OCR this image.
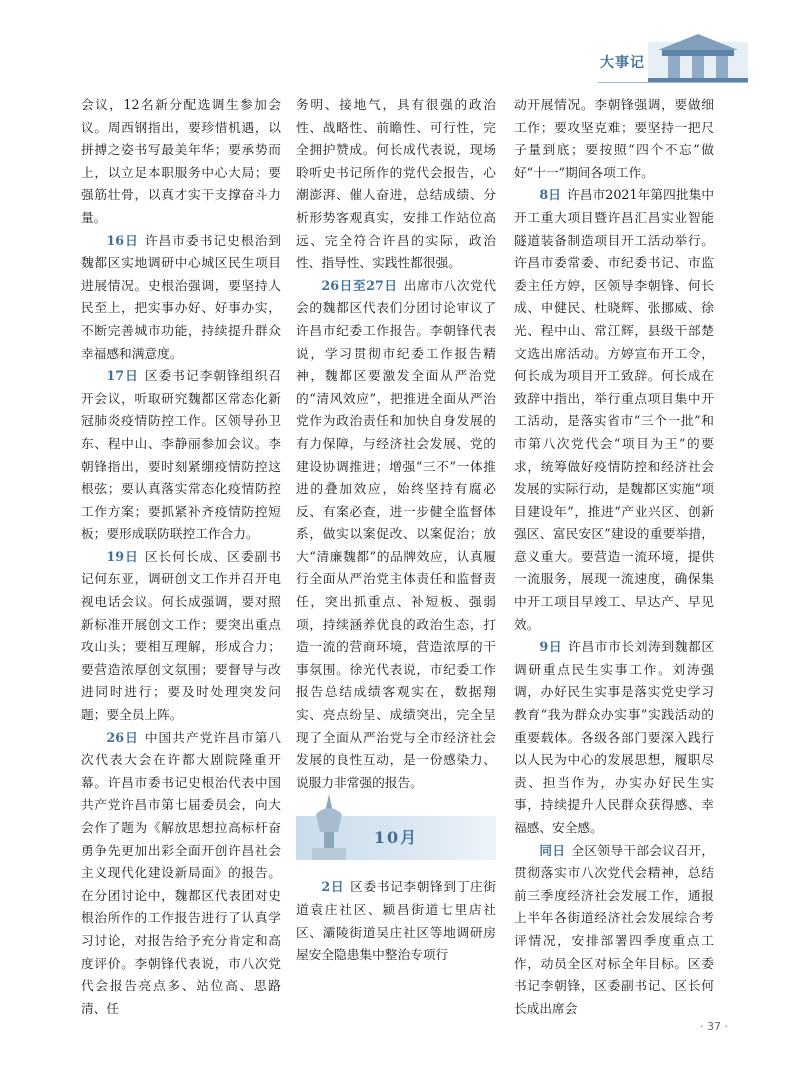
大事记

会议，12名新分配选调生参加会议。周西钢指出，要珍惜机遇，以拼搏之姿书写最美年华；要承势而上，以立足本职服务中心大局；要强筋壮骨，以真才实干支撑奋斗力量。

16日 许昌市委书记史根治到魏都区实地调研中心城区民生项目进展情况。史根治强调，要坚持人民至上，把实事办好、好事办实，不断完善城市功能，持续提升群众幸福感和满意度。

17日 区委书记李朝锋组织召开会议，听取研究魏都区常态化新冠肺炎疫情防控工作。区领导孙卫东、程中山、李静丽参加会议。李朝锋指出，要时刻紧绷疫情防控这根弦；要认真落实常态化疫情防控工作方案；要抓紧补齐疫情防控短板；要形成联防联控工作合力。

19日 区长何长成、区委副书记何东亚，调研创文工作并召开电视电话会议。何长成强调，要对照新标准开展创文工作；要突出重点攻山头；要相互理解，形成合力；要营造浓厚创文氛围；要督导与改进同时进行；要及时处理突发问题；要全员上阵。

26日 中国共产党许昌市第八次代表大会在许都大剧院隆重开幕。许昌市委书记史根治代表中国共产党许昌市第七届委员会，向大会作了题为《解放思想拉高标杆奋勇争先更加出彩全面开创许昌社会主义现代化建设新局面》的报告。在分团讨论中，魏都区代表团对史根治所作的工作报告进行了认真学习讨论，对报告给予充分肯定和高度评价。李朝锋代表说，市八次党代会报告亮点多、站位高、思路清、任

务明、接地气，具有很强的政治性、战略性、前瞻性、可行性，完全拥护赞成。何长成代表说，现场聆听史书记所作的党代会报告，心潮澎湃、催人奋进，总结成绩、分析形势客观真实，安排工作站位高远、完全符合许昌的实际，政治性、指导性、实践性都很强。

26日至27日 出席市八次党代会的魏都区代表们分团讨论审议了许昌市纪委工作报告。李朝锋代表说，学习贯彻市纪委工作报告精神，魏都区要激发全面从严治党的“清风效应”，把推进全面从严治党作为政治责任和加快自身发展的有力保障，与经济社会发展、党的建设协调推进；增强“三不”一体推进的叠加效应，始终坚持有腐必反、有案必查，进一步健全监督体系，做实以案促改、以案促治；放大“清廉魏都”的品牌效应，认真履行全面从严治党主体责任和监督责任，突出抓重点、补短板、强弱项，持续涵养优良的政治生态，打造一流的营商环境，营造浓厚的干事氛围。徐光代表说，市纪委工作报告总结成绩客观实在，数据翔实、亮点纷呈、成绩突出，完全呈现了全面从严治党与全市经济社会发展的良性互动，是一份感染力、说服力非常强的报告。

10月

2日 区委书记李朝锋到丁庄街道袁庄社区、颍昌街道七里店社区、灞陵街道吴庄社区等地调研房屋安全隐患集中整治专项行

动开展情况。李朝锋强调，要做细工作；要攻坚克难；要坚持一把尺子量到底；要按照“四个不忘”做好“十一”期间各项工作。

8日 许昌市2021年第四批集中开工重大项目暨许昌汇昌实业智能隧道装备制造项目开工活动举行。许昌市委常委、市纪委书记、市监委主任方婷，区领导李朝锋、何长成、申健民、杜晓辉、张挪威、徐光、程中山、常江辉，县级干部楚文选出席活动。方婷宣布开工令，何长成为项目开工致辞。何长成在致辞中指出，举行重点项目集中开工活动，是落实省市“三个一批”和市第八次党代会“项目为王”的要求，统筹做好疫情防控和经济社会发展的实际行动，是魏都区实施“项目建设年”，推进“产业兴区、创新强区、富民安区”建设的重要举措，意义重大。要营造一流环境，提供一流服务，展现一流速度，确保集中开工项目早竣工、早达产、早见效。

9日 许昌市市长刘涛到魏都区调研重点民生实事工作。刘涛强调，办好民生实事是落实党史学习教育“我为群众办实事”实践活动的重要载体。各级各部门要深入践行以人民为中心的发展思想，履职尽责、担当作为，办实办好民生实事，持续提升人民群众获得感、幸福感、安全感。

同日 全区领导干部会议召开，贯彻落实市八次党代会精神，总结前三季度经济社会发展工作，通报上半年各街道经济社会发展综合考评情况，安排部署四季度重点工作，动员全区对标全年目标。区委书记李朝锋，区委副书记、区长何长成出席会

· 37 ·
